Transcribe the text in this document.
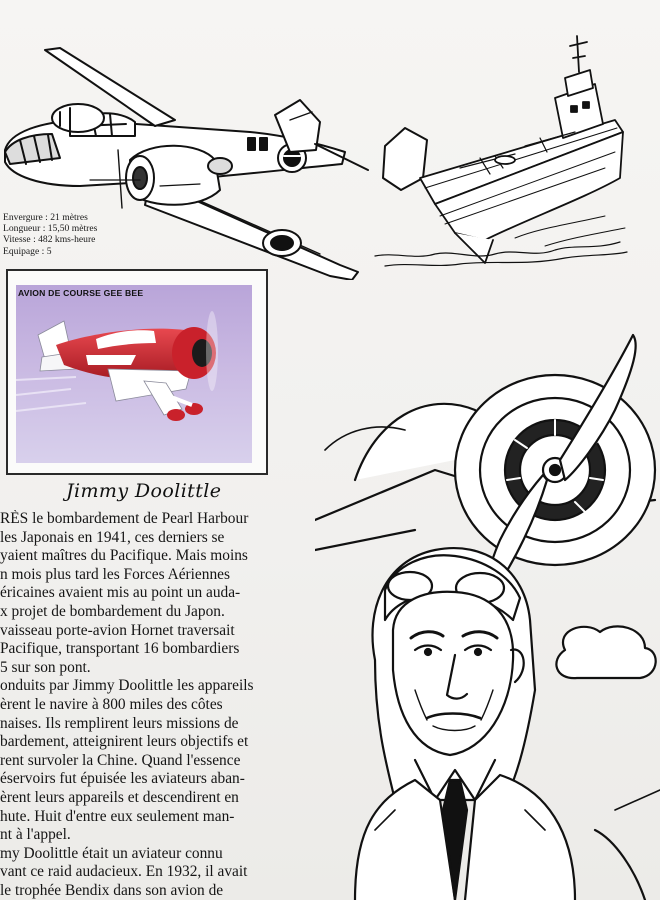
Envergure : 21 mètres
Longueur : 15,50 mètres
Vitesse : 482 kms-heure
Equipage : 5
AVION DE COURSE GEE BEE
Jimmy Doolittle
RÈS le bombardement de Pearl Harbour
les Japonais en 1941, ces derniers se
yaient maîtres du Pacifique. Mais moins
n mois plus tard les Forces Aériennes
éricaines avaient mis au point un auda-
x projet de bombardement du Japon.
vaisseau porte-avion Hornet traversait
Pacifique, transportant 16 bombardiers
5 sur son pont.
onduits par Jimmy Doolittle les appareils
èrent le navire à 800 miles des côtes
naises. Ils remplirent leurs missions de
bardement, atteignirent leurs objectifs et
rent survoler la Chine. Quand l'essence
éservoirs fut épuisée les aviateurs aban-
èrent leurs appareils et descendirent en
hute. Huit d'entre eux seulement man-
nt à l'appel.
my Doolittle était un aviateur connu
vant ce raid audacieux. En 1932, il avait
le trophée Bendix dans son avion de
